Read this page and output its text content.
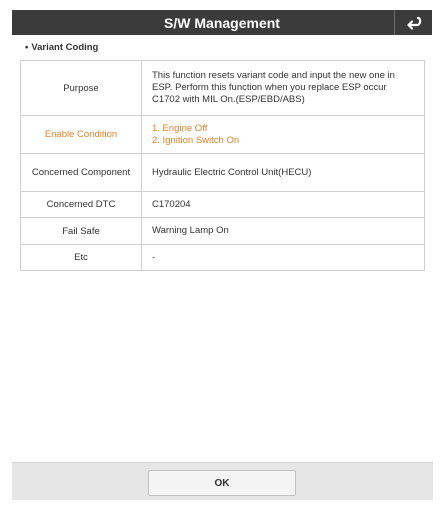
S/W Management
• Variant Coding
Purpose	This function resets variant code and input the new one in ESP. Perform this function when you replace ESP occur C1702 with MIL On.(ESP/EBD/ABS)
Enable Condition	1. Engine Off
2. Ignition Switch On

Concerned Component	Hydraulic Electric Control Unit(HECU)
Concerned DTC	C170204
Fail Safe	Warning Lamp On
Etc	-
OK
